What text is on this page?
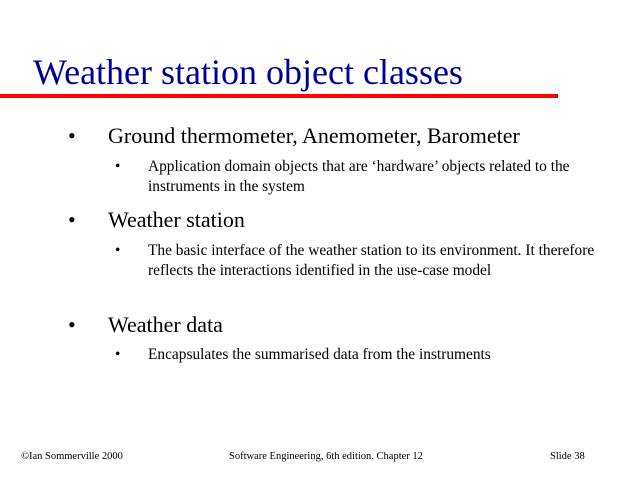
Weather station object classes
• Ground thermometer, Anemometer, Barometer
• Application domain objects that are ‘hardware’ objects related to the instruments in the system
• Weather station
• The basic interface of the weather station to its environment. It therefore reflects the interactions identified in the use-case model
• Weather data
• Encapsulates the summarised data from the instruments
©Ian Sommerville 2000	Software Engineering, 6th edition. Chapter 12	Slide 38
